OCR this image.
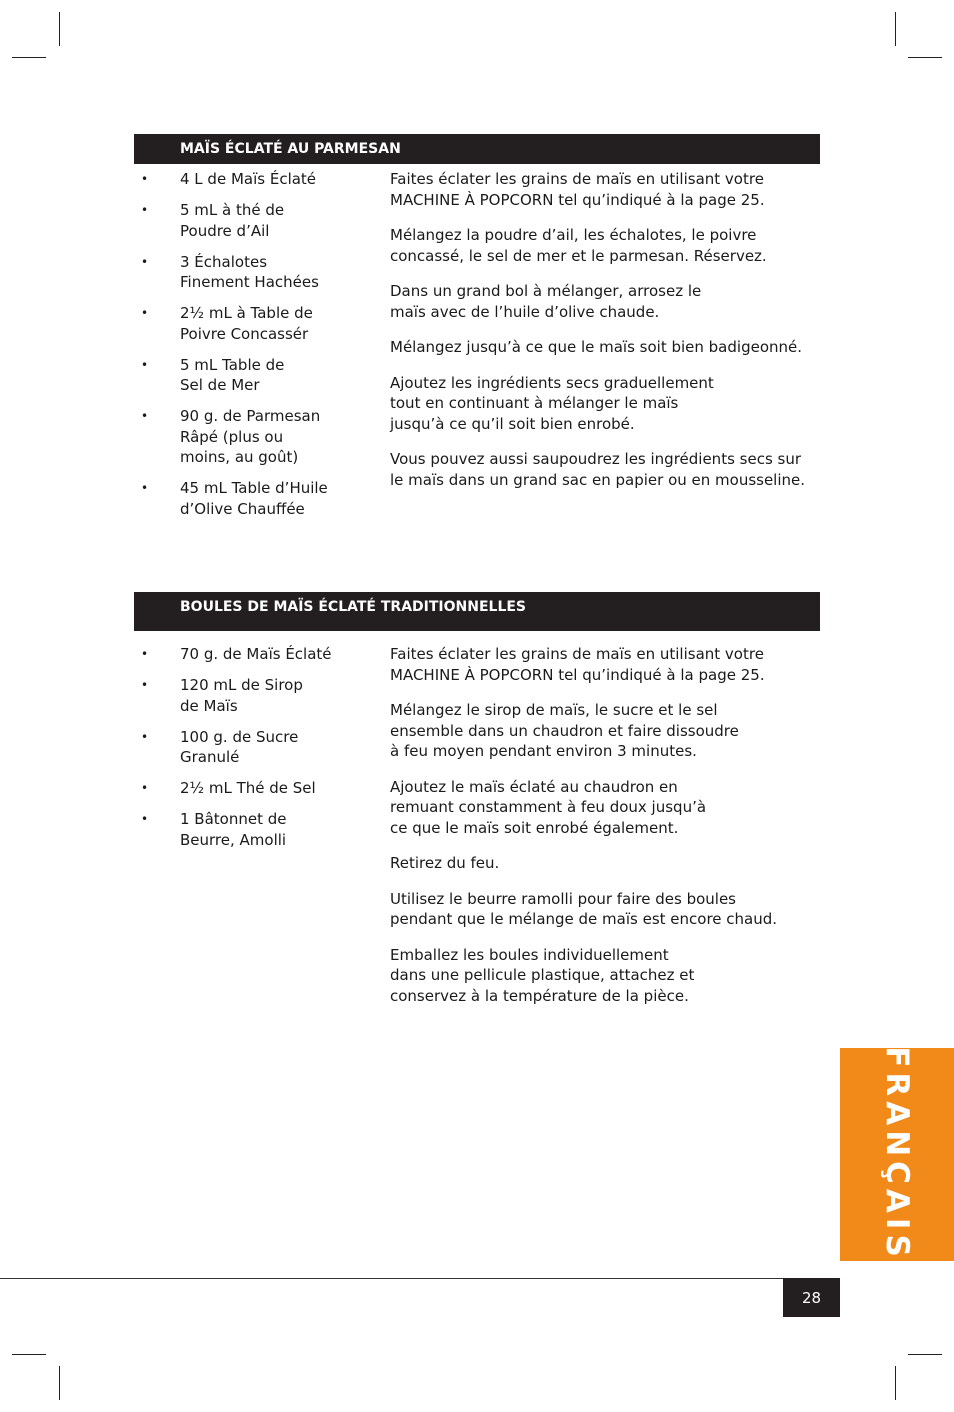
MAÏS ÉCLATÉ AU PARMESAN
• 4 L de Maïs Éclaté
• 5 mL à thé de
Poudre d’Ail
• 3 Échalotes
Finement Hachées
• 2½ mL à Table de
Poivre Concassér
• 5 mL Table de
Sel de Mer
• 90 g. de Parmesan
Râpé (plus ou
moins, au goût)
• 45 mL Table d’Huile
d’Olive Chauffée

Faites éclater les grains de maïs en utilisant votre
MACHINE À POPCORN tel qu’indiqué à la page 25.

Mélangez la poudre d’ail, les échalotes, le poivre
concassé, le sel de mer et le parmesan. Réservez.

Dans un grand bol à mélanger, arrosez le
maïs avec de l’huile d’olive chaude.

Mélangez jusqu’à ce que le maïs soit bien badigeonné.

Ajoutez les ingrédients secs graduellement
tout en continuant à mélanger le maïs
jusqu’à ce qu’il soit bien enrobé.

Vous pouvez aussi saupoudrez les ingrédients secs sur
le maïs dans un grand sac en papier ou en mousseline.

BOULES DE MAÏS ÉCLATÉ TRADITIONNELLES
• 70 g. de Maïs Éclaté
• 120 mL de Sirop
de Maïs
• 100 g. de Sucre
Granulé
• 2½ mL Thé de Sel
• 1 Bâtonnet de
Beurre, Amolli

Faites éclater les grains de maïs en utilisant votre
MACHINE À POPCORN tel qu’indiqué à la page 25.

Mélangez le sirop de maïs, le sucre et le sel
ensemble dans un chaudron et faire dissoudre
à feu moyen pendant environ 3 minutes.

Ajoutez le maïs éclaté au chaudron en
remuant constamment à feu doux jusqu’à
ce que le maïs soit enrobé également.

Retirez du feu.

Utilisez le beurre ramolli pour faire des boules
pendant que le mélange de maïs est encore chaud.

Emballez les boules individuellement
dans une pellicule plastique, attachez et
conservez à la température de la pièce.

FRANÇAIS
28
